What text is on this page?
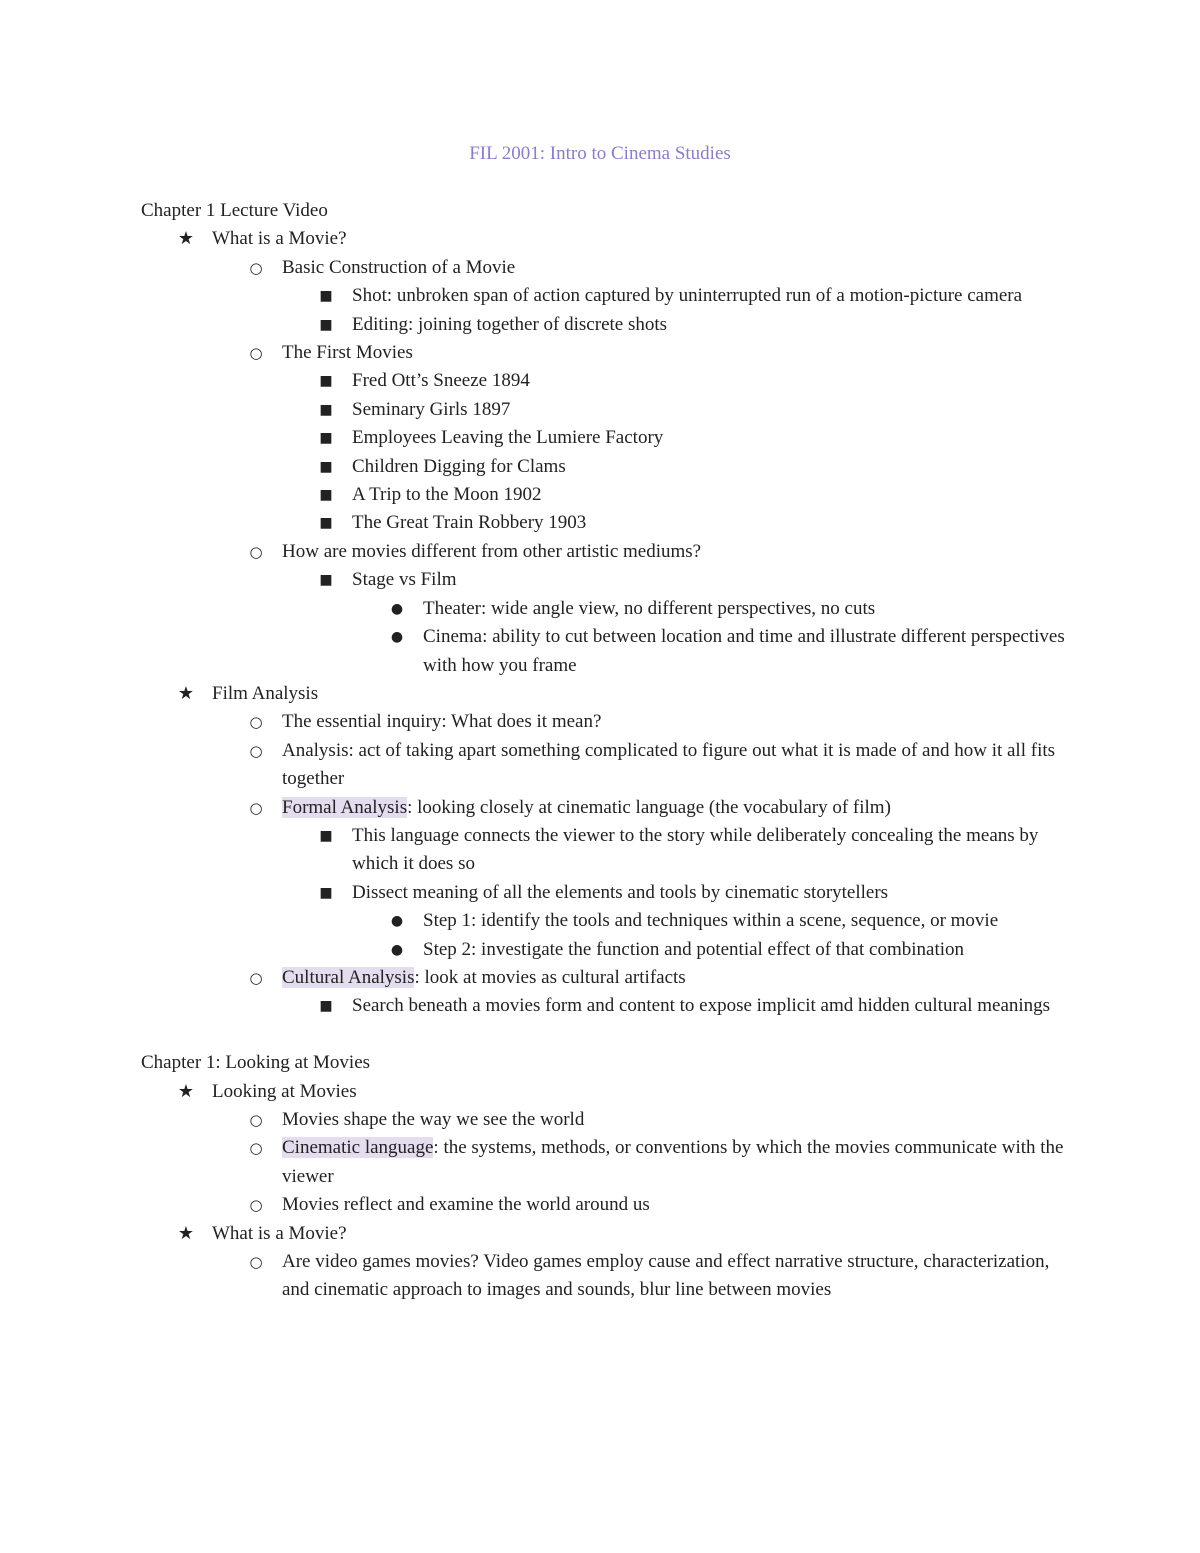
FIL 2001: Intro to Cinema Studies

Chapter 1 Lecture Video

★ What is a Movie?
○ Basic Construction of a Movie
■ Shot: unbroken span of action captured by uninterrupted run of a motion-picture camera
■ Editing: joining together of discrete shots
○ The First Movies
■ Fred Ott’s Sneeze 1894
■ Seminary Girls 1897
■ Employees Leaving the Lumiere Factory
■ Children Digging for Clams
■ A Trip to the Moon 1902
■ The Great Train Robbery 1903
○ How are movies different from other artistic mediums?
■ Stage vs Film
● Theater: wide angle view, no different perspectives, no cuts
● Cinema: ability to cut between location and time and illustrate different perspectives with how you frame
★ Film Analysis
○ The essential inquiry: What does it mean?
○ Analysis: act of taking apart something complicated to figure out what it is made of and how it all fits together
○ Formal Analysis: looking closely at cinematic language (the vocabulary of film)
■ This language connects the viewer to the story while deliberately concealing the means by which it does so
■ Dissect meaning of all the elements and tools by cinematic storytellers
● Step 1: identify the tools and techniques within a scene, sequence, or movie
● Step 2: investigate the function and potential effect of that combination
○ Cultural Analysis: look at movies as cultural artifacts
■ Search beneath a movies form and content to expose implicit amd hidden cultural meanings

Chapter 1: Looking at Movies

★ Looking at Movies
○ Movies shape the way we see the world
○ Cinematic language: the systems, methods, or conventions by which the movies communicate with the viewer
○ Movies reflect and examine the world around us
★ What is a Movie?
○ Are video games movies? Video games employ cause and effect narrative structure, characterization, and cinematic approach to images and sounds, blur line between movies
